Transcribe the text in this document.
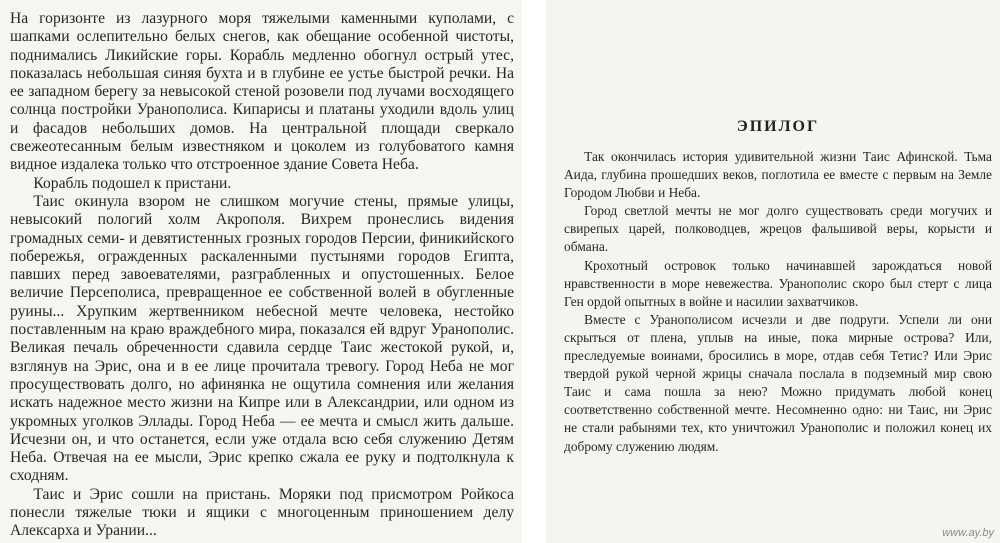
На горизонте из лазурного моря тяжелыми каменными куполами, с шапками ослепительно белых снегов, как обещание особенной чистоты, поднимались Ликийские горы. Корабль медленно обогнул острый утес, показалась небольшая синяя бухта и в глубине ее устье быстрой речки. На ее западном берегу за невысокой стеной розовели под лучами восходящего солнца постройки Уранополиса. Кипарисы и платаны уходили вдоль улиц и фасадов небольших домов. На центральной площади сверкало свежеотесанным белым известняком и цоколем из голубоватого камня видное издалека только что отстроенное здание Совета Неба.

Корабль подошел к пристани.

Таис окинула взором не слишком могучие стены, прямые улицы, невысокий пологий холм Акрополя. Вихрем пронеслись видения громадных семи- и девятистенных грозных городов Персии, финикийского побережья, огражденных раскаленными пустынями городов Египта, павших перед завоевателями, разграбленных и опустошенных. Белое величие Персеполиса, превращенное ее собственной волей в обугленные руины... Хрупким жертвенником небесной мечте человека, нестойко поставленным на краю враждебного мира, показался ей вдруг Уранополис. Великая печаль обреченности сдавила сердце Таис жестокой рукой, и, взглянув на Эрис, она и в ее лице прочитала тревогу. Город Неба не мог просуществовать долго, но афинянка не ощутила сомнения или желания искать надежное место жизни на Кипре или в Александрии, или одном из укромных уголков Эллады. Город Неба — ее мечта и смысл жить дальше. Исчезни он, и что останется, если уже отдала всю себя служению Детям Неба. Отвечая на ее мысли, Эрис крепко сжала ее руку и подтолкнула к сходням.

Таис и Эрис сошли на пристань. Моряки под присмотром Ройкоса понесли тяжелые тюки и ящики с многоценным приношением делу Алексарха и Урании...

ЭПИЛОГ

Так окончилась история удивительной жизни Таис Афинской. Тьма Аида, глубина прошедших веков, поглотила ее вместе с первым на Земле Городом Любви и Неба.

Город светлой мечты не мог долго существовать среди могучих и свирепых царей, полководцев, жрецов фальшивой веры, корысти и обмана.

Крохотный островок только начинавшей зарождаться новой нравственности в море невежества. Уранополис скоро был стерт с лица Ген ордой опытных в войне и насилии захватчиков.

Вместе с Уранополисом исчезли и две подруги. Успели ли они скрыться от плена, уплыв на иные, пока мирные острова? Или, преследуемые воинами, бросились в море, отдав себя Тетис? Или Эрис твердой рукой черной жрицы сначала послала в подземный мир свою Таис и сама пошла за нею? Можно придумать любой конец соответственно собственной мечте. Несомненно одно: ни Таис, ни Эрис не стали рабынями тех, кто уничтожил Уранополис и положил конец их доброму служению людям.

www.ay.by
